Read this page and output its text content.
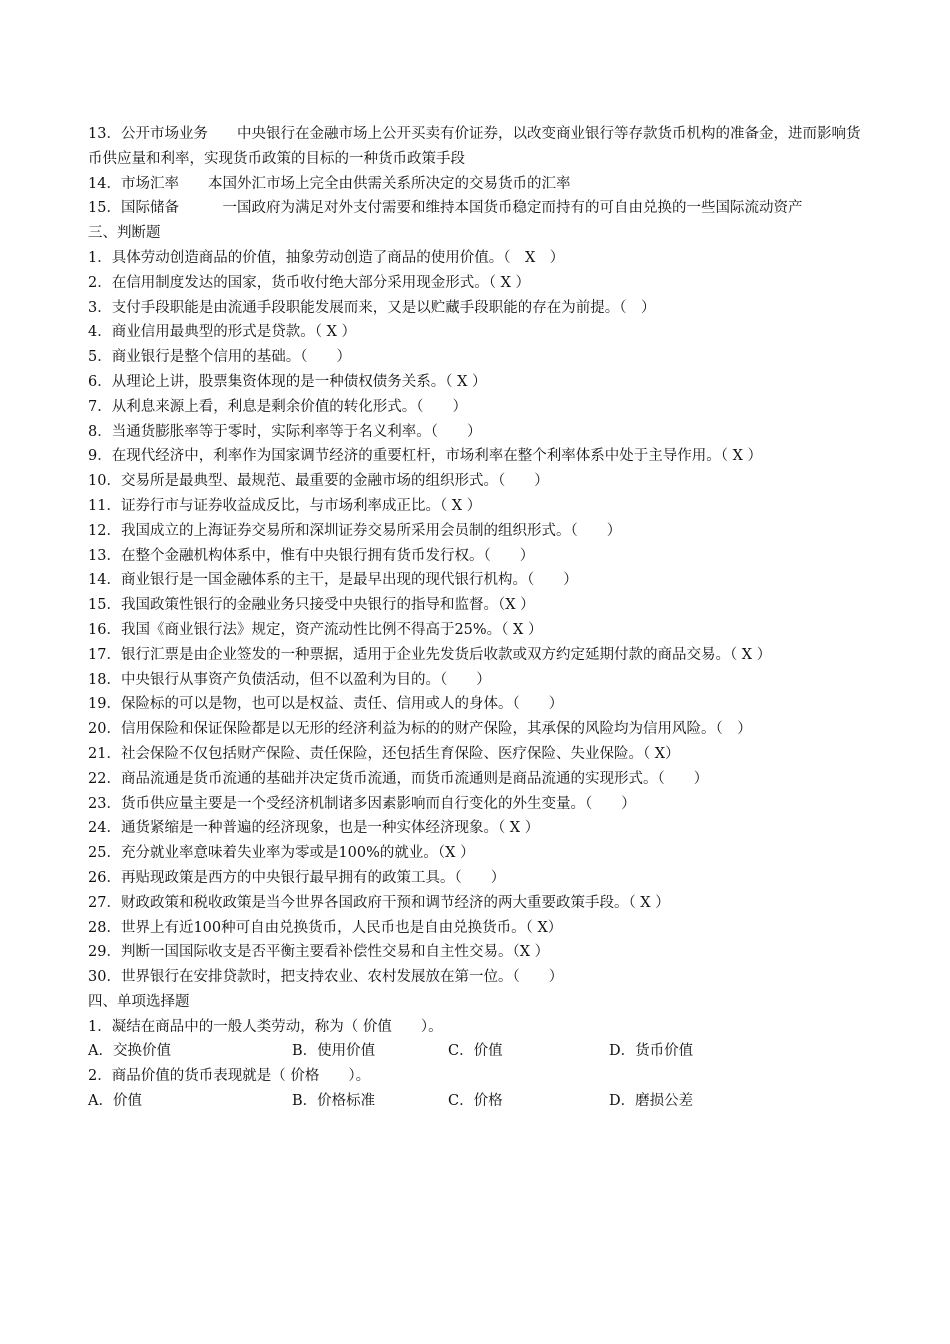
13．公开市场业务　　中央银行在金融市场上公开买卖有价证券，以改变商业银行等存款货币机构的准备金，进而影响货币供应量和利率，实现货币政策的目标的一种货币政策手段

14．市场汇率　　本国外汇市场上完全由供需关系所决定的交易货币的汇率

15．国际储备　　　一国政府为满足对外支付需要和维持本国货币稳定而持有的可自由兑换的一些国际流动资产

三、判断题

1．具体劳动创造商品的价值，抽象劳动创造了商品的使用价值。（　X　）

2．在信用制度发达的国家，货币收付绝大部分采用现金形式。（ X ）

3．支付手段职能是由流通手段职能发展而来，又是以贮藏手段职能的存在为前提。（　）

4．商业信用最典型的形式是贷款。（ X ）

5．商业银行是整个信用的基础。（　　）

6．从理论上讲，股票集资体现的是一种债权债务关系。（ X ）

7．从利息来源上看，利息是剩余价值的转化形式。（　　）

8．当通货膨胀率等于零时，实际利率等于名义利率。（　　）

9．在现代经济中，利率作为国家调节经济的重要杠杆，市场利率在整个利率体系中处于主导作用。（ X ）

10．交易所是最典型、最规范、最重要的金融市场的组织形式。（　　）

11．证券行市与证券收益成反比，与市场利率成正比。（ X ）

12．我国成立的上海证券交易所和深圳证券交易所采用会员制的组织形式。（　　）

13．在整个金融机构体系中，惟有中央银行拥有货币发行权。（　　）

14．商业银行是一国金融体系的主干，是最早出现的现代银行机构。（　　）

15．我国政策性银行的金融业务只接受中央银行的指导和监督。（X ）

16．我国《商业银行法》规定，资产流动性比例不得高于25%。（ X ）

17．银行汇票是由企业签发的一种票据，适用于企业先发货后收款或双方约定延期付款的商品交易。（ X ）

18．中央银行从事资产负债活动，但不以盈利为目的。（　　）

19．保险标的可以是物，也可以是权益、责任、信用或人的身体。（　　）

20．信用保险和保证保险都是以无形的经济利益为标的的财产保险，其承保的风险均为信用风险。（　）

21．社会保险不仅包括财产保险、责任保险，还包括生育保险、医疗保险、失业保险。（ X）

22．商品流通是货币流通的基础并决定货币流通，而货币流通则是商品流通的实现形式。（　　）

23．货币供应量主要是一个受经济机制诸多因素影响而自行变化的外生变量。（　　）

24．通货紧缩是一种普遍的经济现象，也是一种实体经济现象。（ X ）

25．充分就业率意味着失业率为零或是100%的就业。（X ）

26．再贴现政策是西方的中央银行最早拥有的政策工具。（　　）

27．财政政策和税收政策是当今世界各国政府干预和调节经济的两大重要政策手段。（ X ）

28．世界上有近100种可自由兑换货币，人民币也是自由兑换货币。（ X）

29．判断一国国际收支是否平衡主要看补偿性交易和自主性交易。（X ）

30．世界银行在安排贷款时，把支持农业、农村发展放在第一位。（　　）

四、单项选择题

1．凝结在商品中的一般人类劳动，称为（ 价值　　）。

A．交换价值	B．使用价值	C．价值	D．货币价值

2．商品价值的货币表现就是（ 价格　　）。

A．价值	B．价格标准	C．价格	D．磨损公差
